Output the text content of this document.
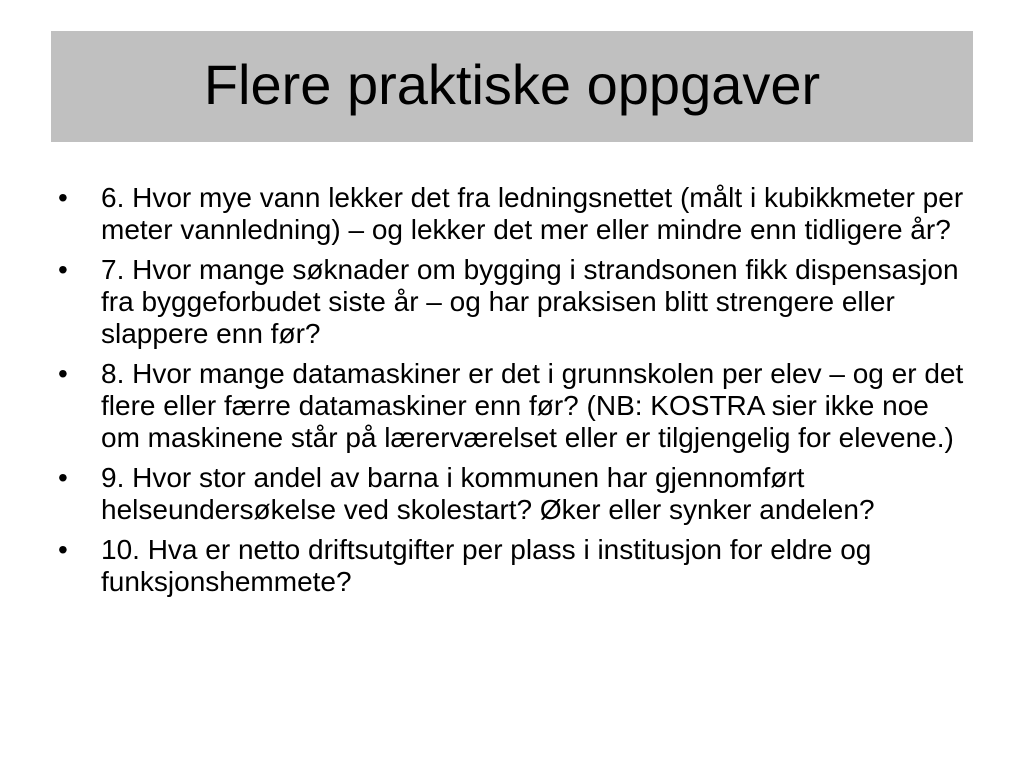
Flere praktiske oppgaver
•	6. Hvor mye vann lekker det fra ledningsnettet (målt i kubikkmeter per meter vannledning) – og lekker det mer eller mindre enn tidligere år?
•	7. Hvor mange søknader om bygging i strandsonen fikk dispensasjon fra byggeforbudet siste år – og har praksisen blitt strengere eller slappere enn før?
•	8. Hvor mange datamaskiner er det i grunnskolen per elev – og er det flere eller færre datamaskiner enn før? (NB: KOSTRA sier ikke noe om maskinene står på lærerværelset eller er tilgjengelig for elevene.)
•	9. Hvor stor andel av barna i kommunen har gjennomført helseundersøkelse ved skolestart? Øker eller synker andelen?
•	10. Hva er netto driftsutgifter per plass i institusjon for eldre og funksjonshemmete?
